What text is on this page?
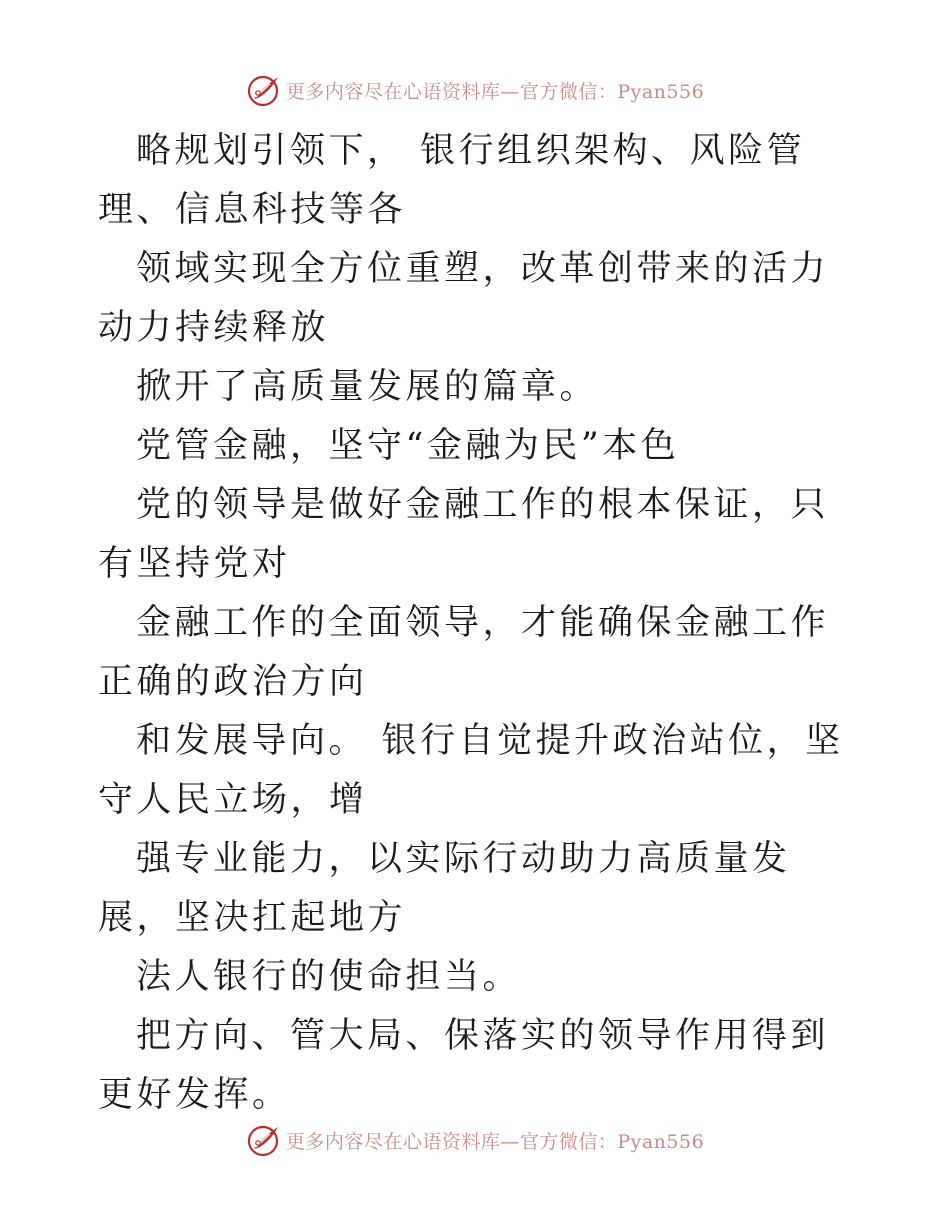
更多内容尽在心语资料库—官方微信：Pyan556

略规划引领下， 银行组织架构、风险管理、信息科技等各

领域实现全方位重塑，改革创带来的活力动力持续释放

掀开了高质量发展的篇章。

党管金融，坚守“金融为民”本色

党的领导是做好金融工作的根本保证，只有坚持党对

金融工作的全面领导，才能确保金融工作正确的政治方向

和发展导向。 银行自觉提升政治站位，坚守人民立场，增

强专业能力，以实际行动助力高质量发展，坚决扛起地方

法人银行的使命担当。

把方向、管大局、保落实的领导作用得到更好发挥。

更多内容尽在心语资料库—官方微信：Pyan556
